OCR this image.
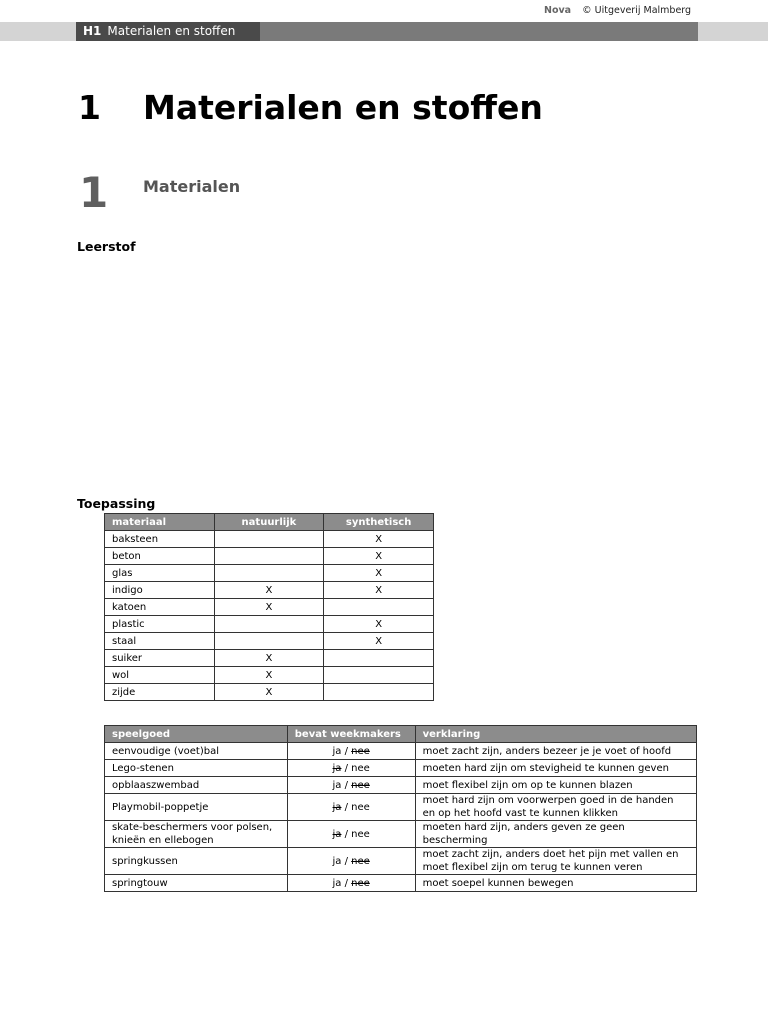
Nova © Uitgeverij Malmberg
H1 Materialen en stoffen
1 Materialen en stoffen
1 Materialen
Leerstof
Toepassing
materiaal	natuurlijk	synthetisch
baksteen		X
beton		X
glas		X
indigo	X	X
katoen	X	
plastic		X
staal		X
suiker	X	
wol	X	
zijde	X	
speelgoed	bevat weekmakers	verklaring
eenvoudige (voet)bal	ja / nee	moet zacht zijn, anders bezeer je je voet of hoofd
Lego-stenen	ja / nee	moeten hard zijn om stevigheid te kunnen geven
opblaaszwembad	ja / nee	moet flexibel zijn om op te kunnen blazen
Playmobil-poppetje	ja / nee	moet hard zijn om voorwerpen goed in de handen en op het hoofd vast te kunnen klikken
skate-beschermers voor polsen, knieën en ellebogen	ja / nee	moeten hard zijn, anders geven ze geen bescherming
springkussen	ja / nee	moet zacht zijn, anders doet het pijn met vallen en moet flexibel zijn om terug te kunnen veren
springtouw	ja / nee	moet soepel kunnen bewegen
